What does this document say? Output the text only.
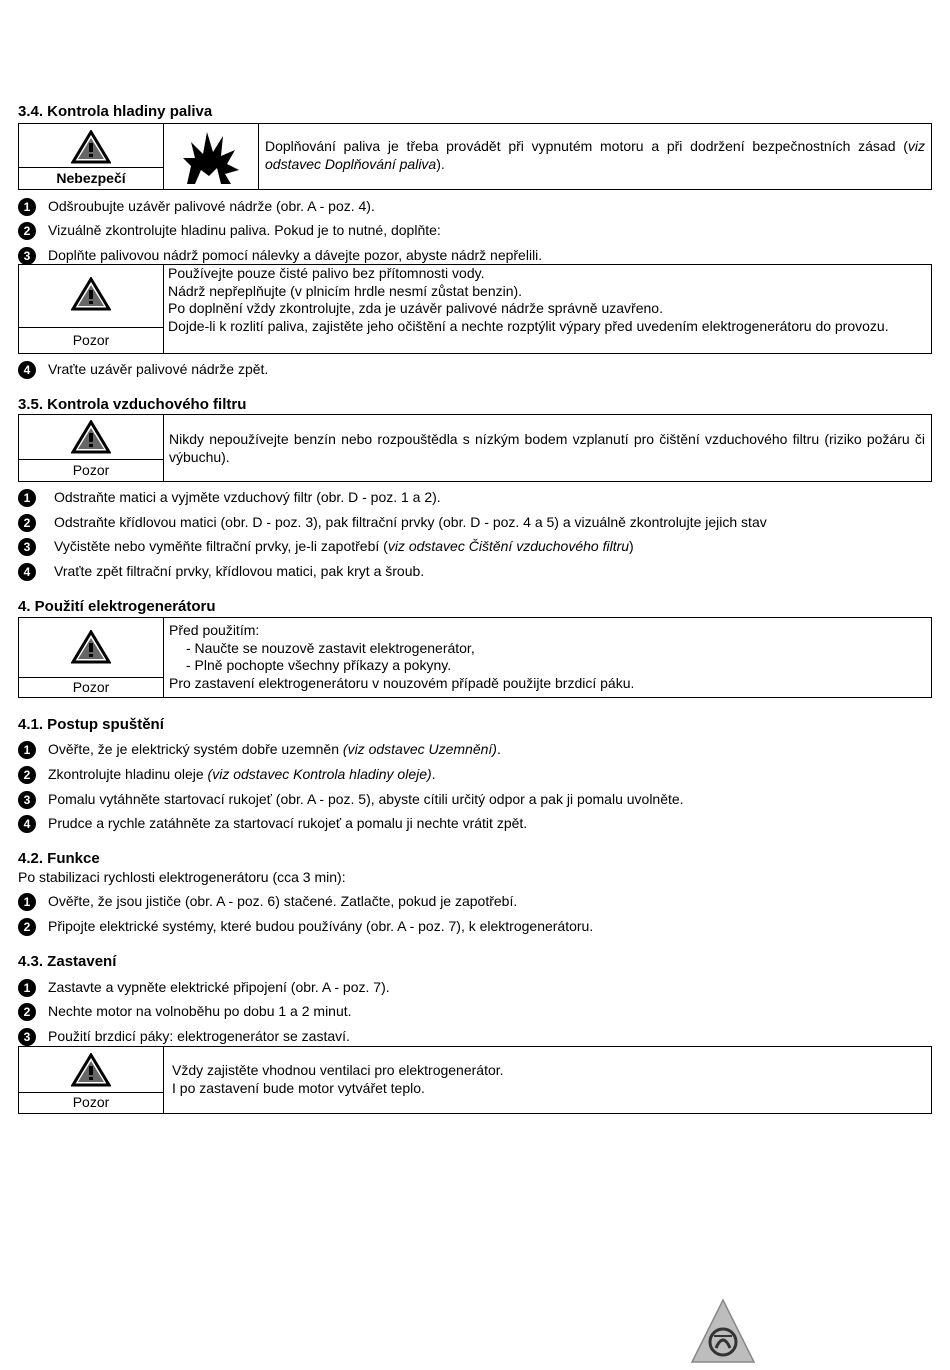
3.4. Kontrola hladiny paliva
Nebezpečí
Doplňování paliva je třeba provádět při vypnutém motoru a při dodržení bezpečnostních zásad (viz odstavec Doplňování paliva).
1 Odšroubujte uzávěr palivové nádrže (obr. A - poz. 4).
2 Vizuálně zkontrolujte hladinu paliva. Pokud je to nutné, doplňte:
3 Doplňte palivovou nádrž pomocí nálevky a dávejte pozor, abyste nádrž nepřelili.
Pozor
Používejte pouze čisté palivo bez přítomnosti vody.
Nádrž nepřeplňujte (v plnicím hrdle nesmí zůstat benzin).
Po doplnění vždy zkontrolujte, zda je uzávěr palivové nádrže správně uzavřeno.
Dojde-li k rozlití paliva, zajistěte jeho očištění a nechte rozptýlit výpary před uvedením elektrogenerátoru do provozu.
4 Vraťte uzávěr palivové nádrže zpět.
3.5. Kontrola vzduchového filtru
Pozor
Nikdy nepoužívejte benzín nebo rozpouštědla s nízkým bodem vzplanutí pro čištění vzduchového filtru (riziko požáru či výbuchu).
1 Odstraňte matici a vyjměte vzduchový filtr (obr. D - poz. 1 a 2).
2 Odstraňte křídlovou matici (obr. D - poz. 3), pak filtrační prvky (obr. D - poz. 4 a 5) a vizuálně zkontrolujte jejich stav
3 Vyčistěte nebo vyměňte filtrační prvky, je-li zapotřebí (viz odstavec Čištění vzduchového filtru)
4 Vraťte zpět filtrační prvky, křídlovou matici, pak kryt a šroub.
4. Použití elektrogenerátoru
Pozor
Před použitím:
- Naučte se nouzově zastavit elektrogenerátor,
- Plně pochopte všechny příkazy a pokyny.
Pro zastavení elektrogenerátoru v nouzovém případě použijte brzdicí páku.
4.1. Postup spuštění
1 Ověřte, že je elektrický systém dobře uzemněn (viz odstavec Uzemnění).
2 Zkontrolujte hladinu oleje (viz odstavec Kontrola hladiny oleje).
3 Pomalu vytáhněte startovací rukojeť (obr. A - poz. 5), abyste cítili určitý odpor a pak ji pomalu uvolněte.
4 Prudce a rychle zatáhněte za startovací rukojeť a pomalu ji nechte vrátit zpět.
4.2. Funkce
Po stabilizaci rychlosti elektrogenerátoru (cca 3 min):
1 Ověřte, že jsou jističe (obr. A - poz. 6) stačené. Zatlačte, pokud je zapotřebí.
2 Připojte elektrické systémy, které budou používány (obr. A - poz. 7), k elektrogenerátoru.
4.3. Zastavení
1 Zastavte a vypněte elektrické připojení (obr. A - poz. 7).
2 Nechte motor na volnoběhu po dobu 1 a 2 minut.
3 Použití brzdicí páky: elektrogenerátor se zastaví.
Pozor
Vždy zajistěte vhodnou ventilaci pro elektrogenerátor.
I po zastavení bude motor vytvářet teplo.
